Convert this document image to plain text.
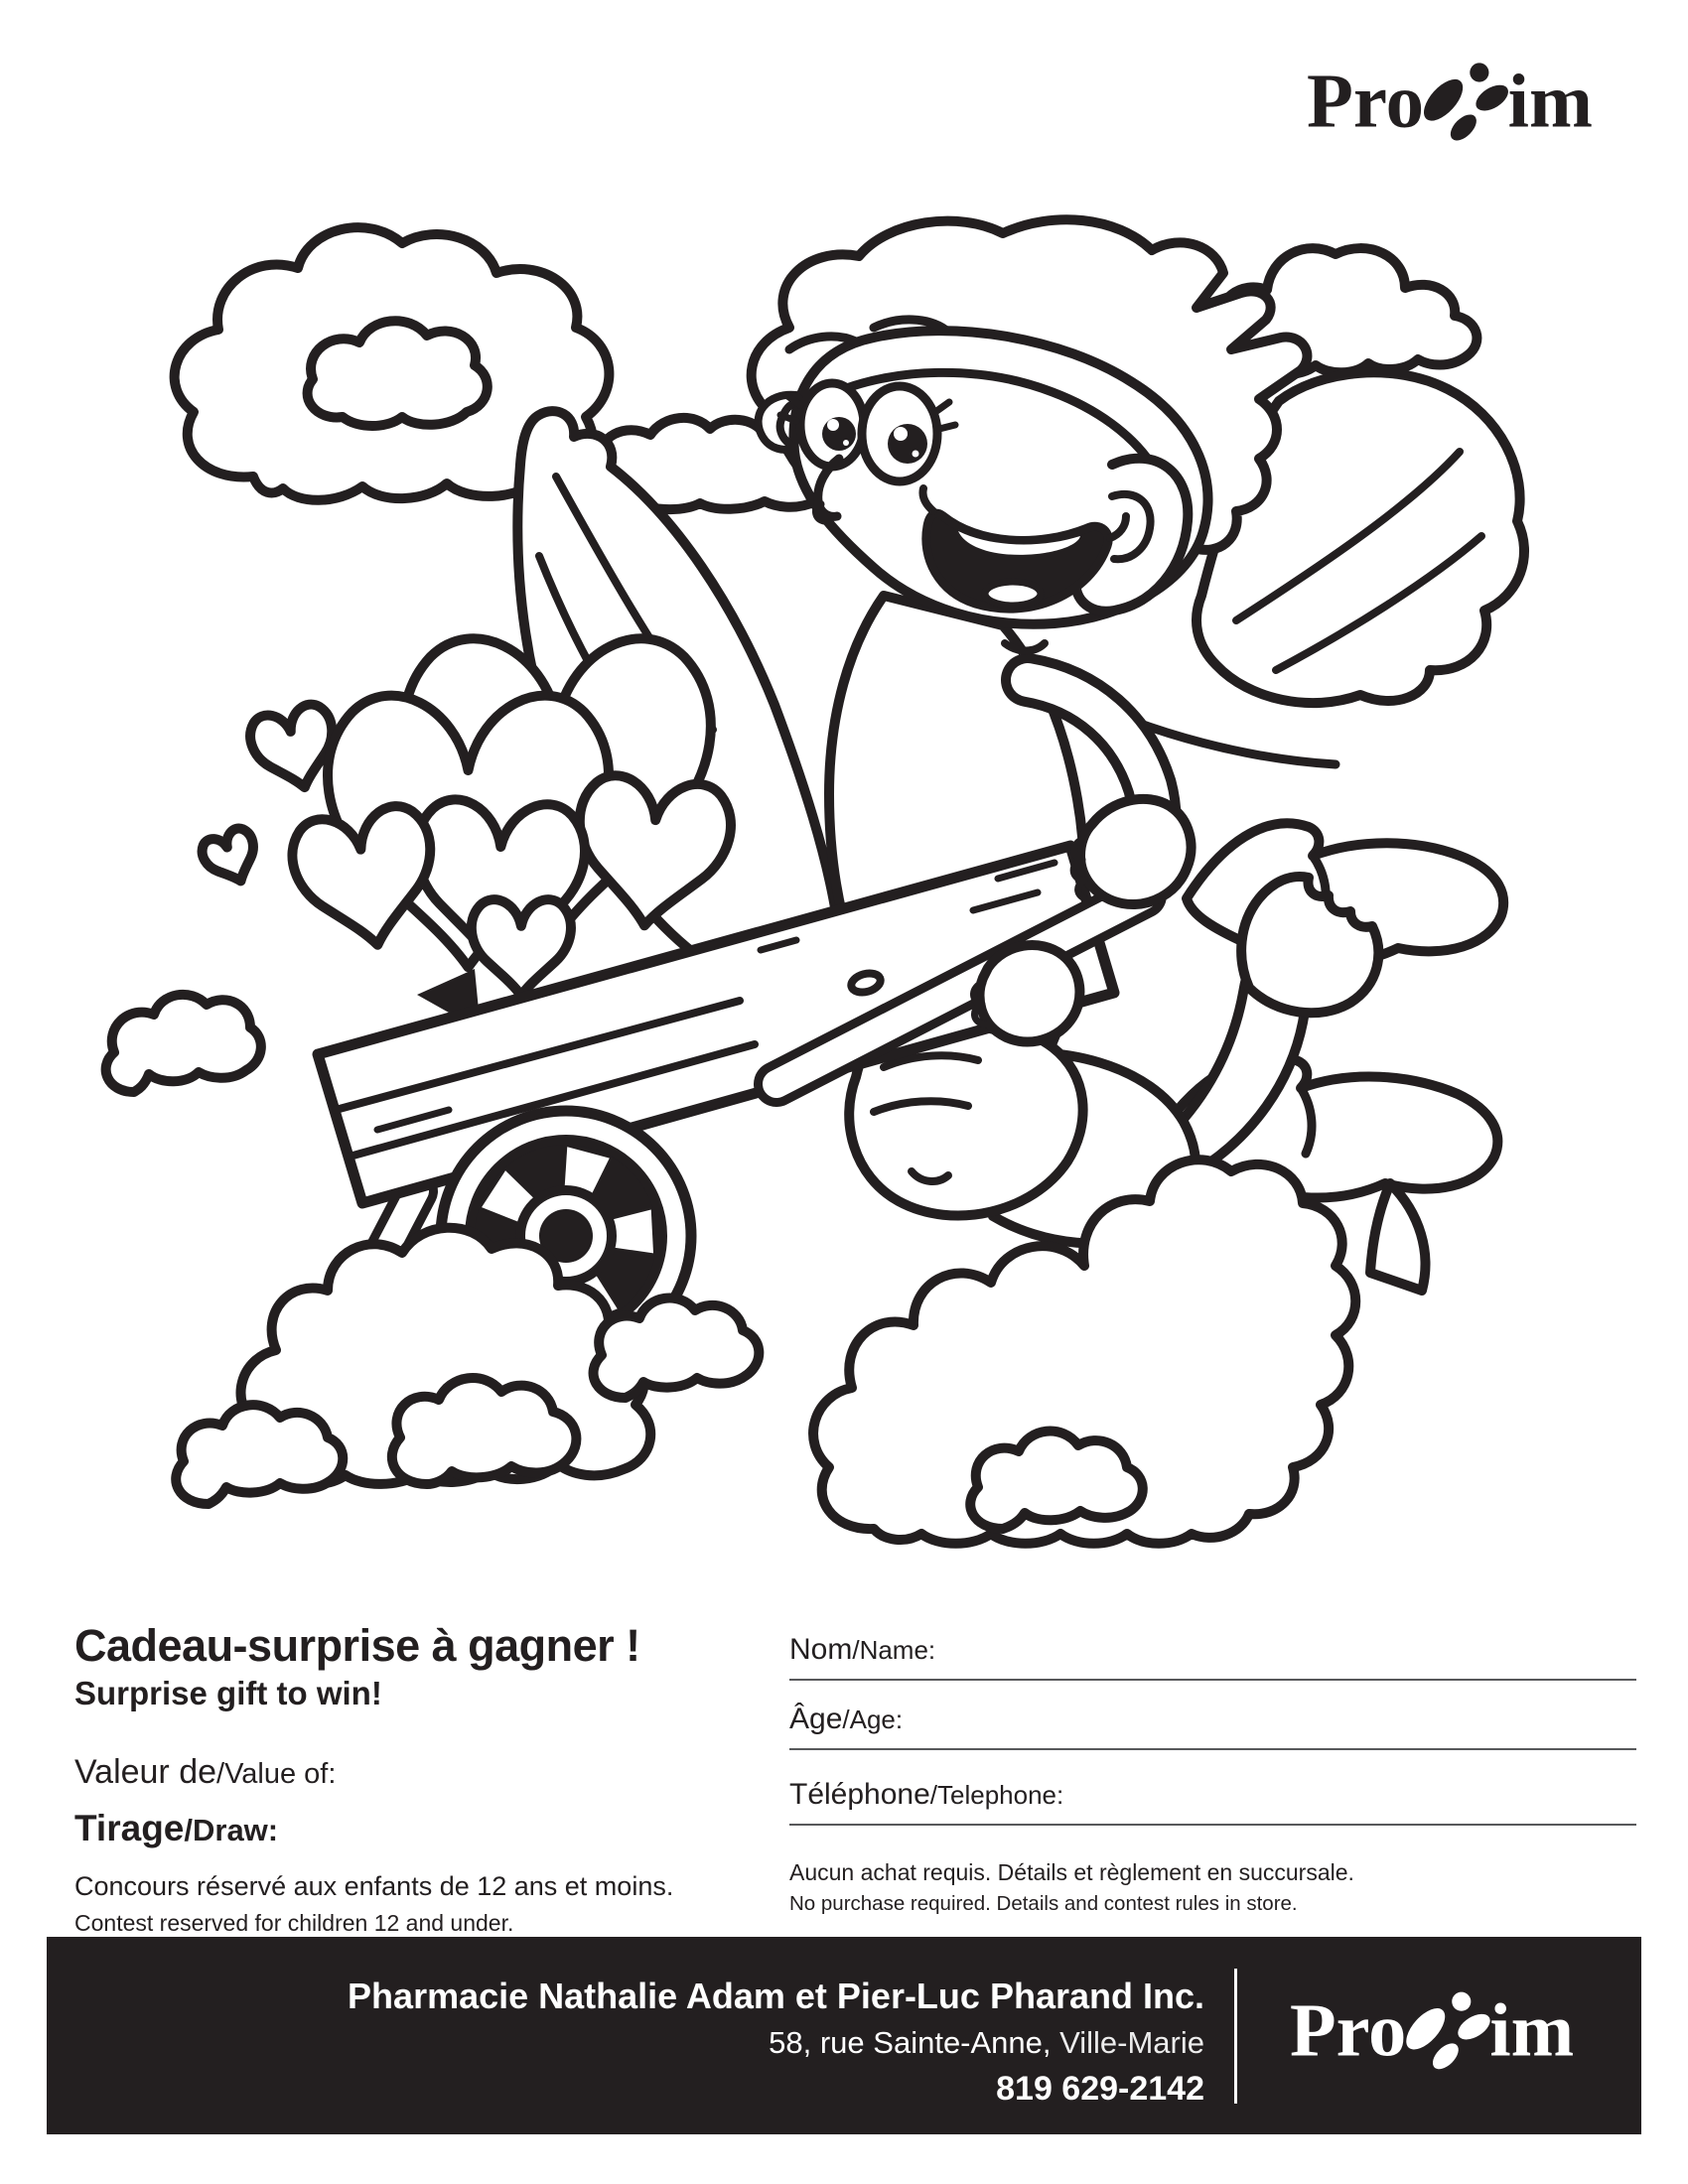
Cadeau-surprise à gagner !
Surprise gift to win!
Valeur de/Value of:
Tirage/Draw:
Concours réservé aux enfants de 12 ans et moins.
Contest reserved for children 12 and under.
Nom/Name:
Âge/Age:
Téléphone/Telephone:
Aucun achat requis. Détails et règlement en succursale.
No purchase required. Details and contest rules in store.
Pharmacie Nathalie Adam et Pier-Luc Pharand Inc.
58, rue Sainte-Anne, Ville-Marie
819 629-2142
